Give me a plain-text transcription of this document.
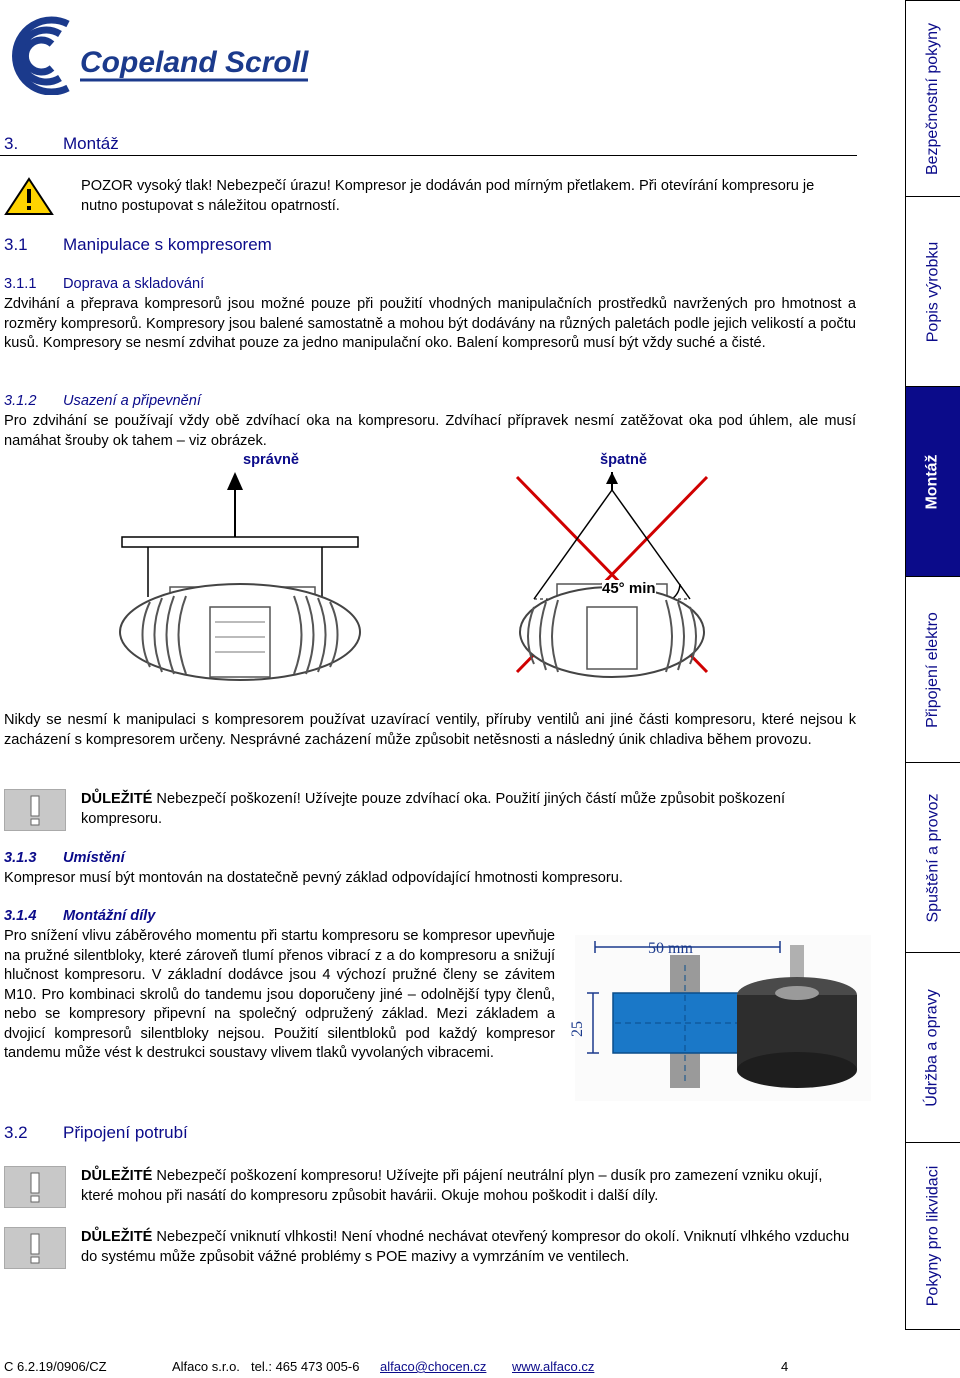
Copeland Scroll
3.	Montáž
POZOR vysoký tlak! Nebezpečí úrazu! Kompresor je dodáván pod mírným přetlakem. Při otevírání kompresoru je nutno postupovat s náležitou opatrností.
3.1 Manipulace s kompresorem
3.1.1 Doprava a skladování
Zdvihání a přeprava kompresorů jsou možné pouze při použití vhodných manipulačních prostředků navržených pro hmotnost a rozměry kompresorů. Kompresory jsou balené samostatně a mohou být dodávány na různých paletách podle jejich velikostí a počtu kusů. Kompresory se nesmí zdvihat pouze za jedno manipulační oko. Balení kompresorů musí být vždy suché a čisté.
3.1.2 Usazení a připevnění
Pro zdvihání se používají vždy obě zdvíhací oka na kompresoru. Zdvíhací přípravek nesmí zatěžovat oka pod úhlem, ale musí namáhat šrouby ok tahem – viz obrázek.
správně	špatně
45° min
Nikdy se nesmí k manipulaci s kompresorem používat uzavírací ventily, příruby ventilů ani jiné části kompresoru, které nejsou k zacházení s kompresorem určeny. Nesprávné zacházení může způsobit netěsnosti a následný únik chladiva během provozu.
DŮLEŽITÉ Nebezpečí poškození! Užívejte pouze zdvíhací oka. Použití jiných částí může způsobit poškození kompresoru.
3.1.3 Umístění
Kompresor musí být montován na dostatečně pevný základ odpovídající hmotnosti kompresoru.
3.1.4 Montážní díly
Pro snížení vlivu záběrového momentu při startu kompresoru se kompresor upevňuje na pružné silentbloky, které zároveň tlumí přenos vibrací z a do kompresoru a snižují hlučnost kompresoru. V základní dodávce jsou 4 výchozí pružné členy se závitem M10. Pro kombinaci skrolů do tandemu jsou doporučeny jiné – odolnější typy členů, nebo se kompresory připevní na společný odpružený základ. Mezi základem a dvojicí kompresorů silentbloky nejsou. Použití silentbloků pod každý kompresor tandemu může vést k destrukci soustavy vlivem tlaků vyvolaných vibracemi.
50 mm
25
3.2 Připojení potrubí
DŮLEŽITÉ Nebezpečí poškození kompresoru! Užívejte při pájení neutrální plyn – dusík pro zamezení vzniku okují, které mohou při nasátí do kompresoru způsobit havárii. Okuje mohou poškodit i další díly.
DŮLEŽITÉ Nebezpečí vniknutí vlhkosti! Není vhodné nechávat otevřený kompresor do okolí. Vniknutí vlhkého vzduchu do systému může způsobit vážné problémy s POE mazivy a vymrzáním ve ventilech.
Bezpečnostní pokyny
Popis výrobku
Montáž
Připojení elektro
Spuštění a provoz
Údržba a opravy
Pokyny pro likvidaci
C 6.2.19/0906/CZ	Alfaco s.r.o. tel.: 465 473 005-6 alfaco@chocen.cz www.alfaco.cz	4
